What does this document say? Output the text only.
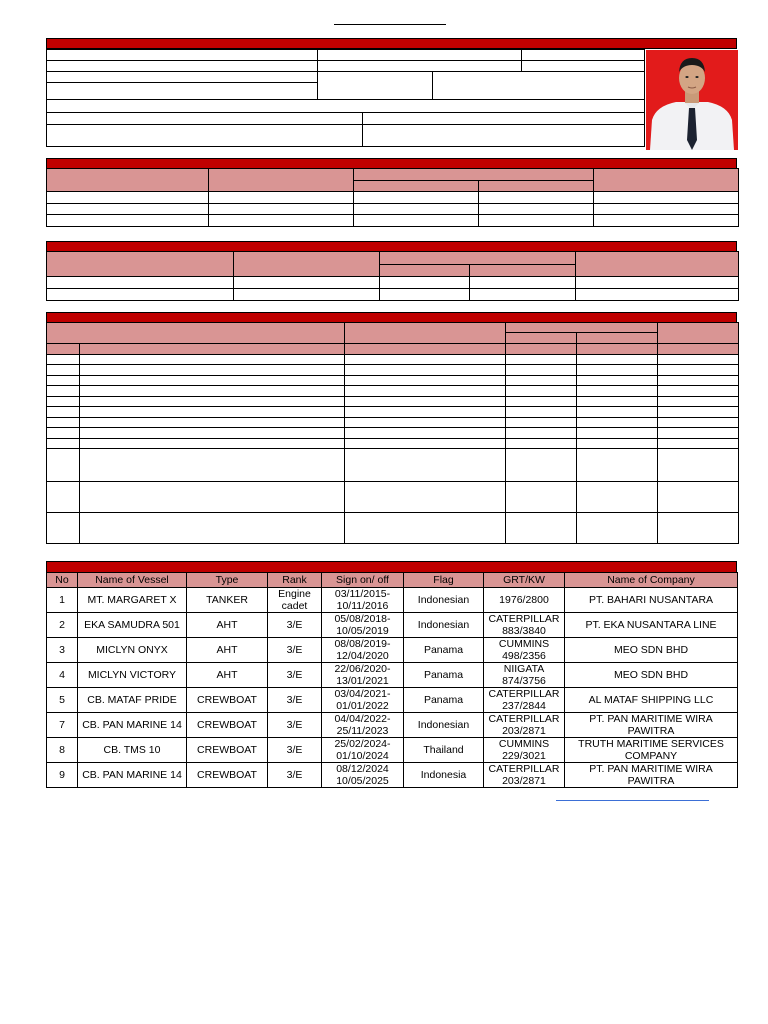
No	Name of Vessel	Type	Rank	Sign on/ off	Flag	GRT/KW	Name of Company
1	MT. MARGARET X	TANKER	Engine cadet	03/11/2015-10/11/2016	Indonesian	1976/2800	PT. BAHARI NUSANTARA
2	EKA SAMUDRA 501	AHT	3/E	05/08/2018-10/05/2019	Indonesian	CATERPILLAR 883/3840	PT. EKA NUSANTARA LINE
3	MICLYN ONYX	AHT	3/E	08/08/2019-12/04/2020	Panama	CUMMINS 498/2356	MEO SDN BHD
4	MICLYN VICTORY	AHT	3/E	22/06/2020-13/01/2021	Panama	NIIGATA 874/3756	MEO SDN BHD
5	CB. MATAF PRIDE	CREWBOAT	3/E	03/04/2021-01/01/2022	Panama	CATERPILLAR 237/2844	AL MATAF SHIPPING LLC
7	CB. PAN MARINE 14	CREWBOAT	3/E	04/04/2022-25/11/2023	Indonesian	CATERPILLAR 203/2871	PT. PAN MARITIME WIRA PAWITRA
8	CB. TMS 10	CREWBOAT	3/E	25/02/2024-01/10/2024	Thailand	CUMMINS 229/3021	TRUTH MARITIME SERVICES COMPANY
9	CB. PAN MARINE 14	CREWBOAT	3/E	08/12/2024 10/05/2025	Indonesia	CATERPILLAR 203/2871	PT. PAN MARITIME WIRA PAWITRA
